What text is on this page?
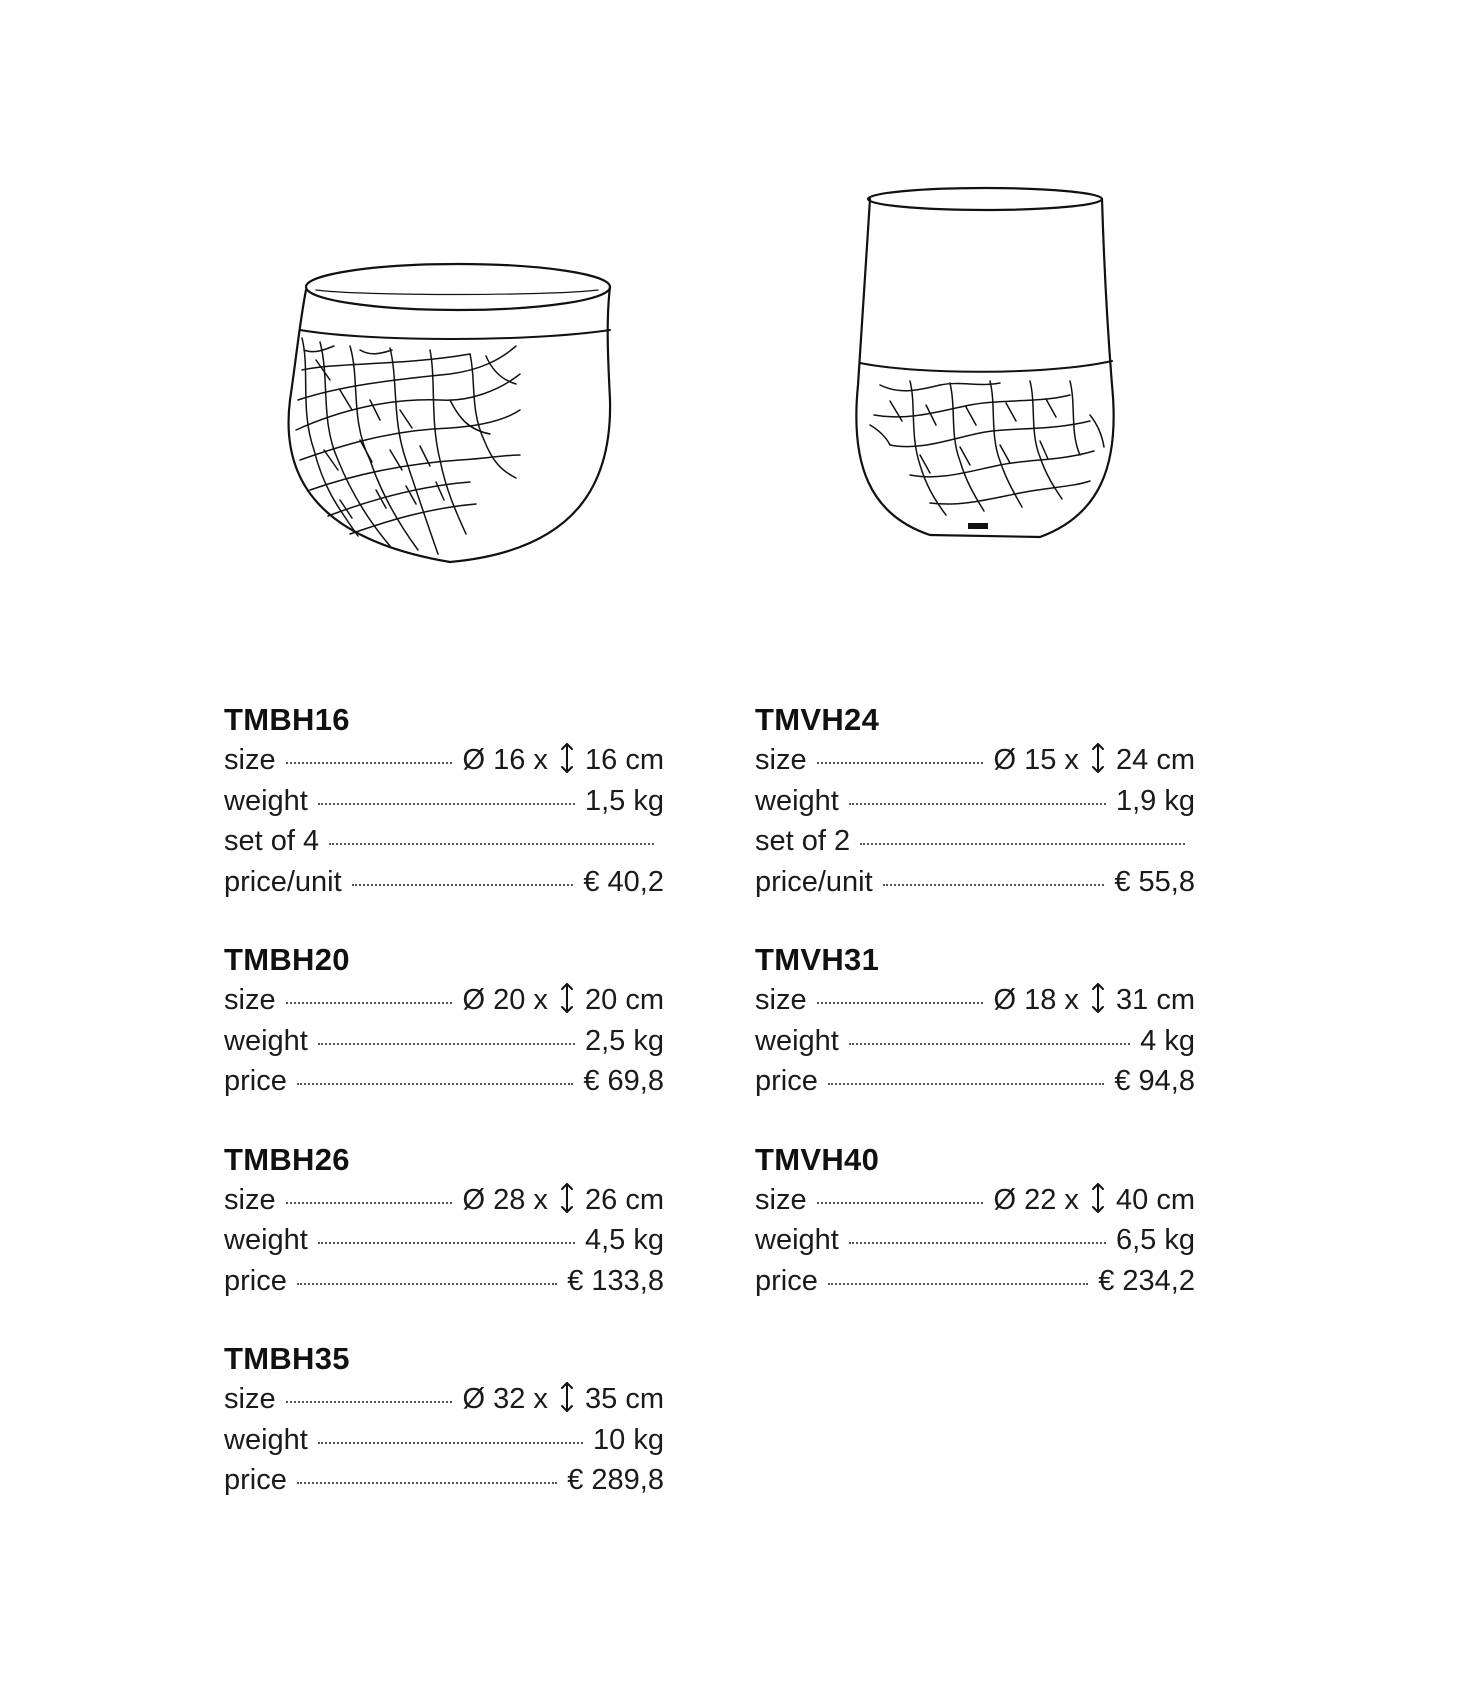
TMBH16
size	Ø 16 x 16 cm
weight	1,5 kg
set of 4
price/unit	€ 40,2
TMBH20
size	Ø 20 x 20 cm
weight	2,5 kg
price	€ 69,8
TMBH26
size	Ø 28 x 26 cm
weight	4,5 kg
price	€ 133,8
TMBH35
size	Ø 32 x 35 cm
weight	10 kg
price	€ 289,8
TMVH24
size	Ø 15 x 24 cm
weight	1,9 kg
set of 2
price/unit	€ 55,8
TMVH31
size	Ø 18 x 31 cm
weight	4 kg
price	€ 94,8
TMVH40
size	Ø 22 x 40 cm
weight	6,5 kg
price	€ 234,2
